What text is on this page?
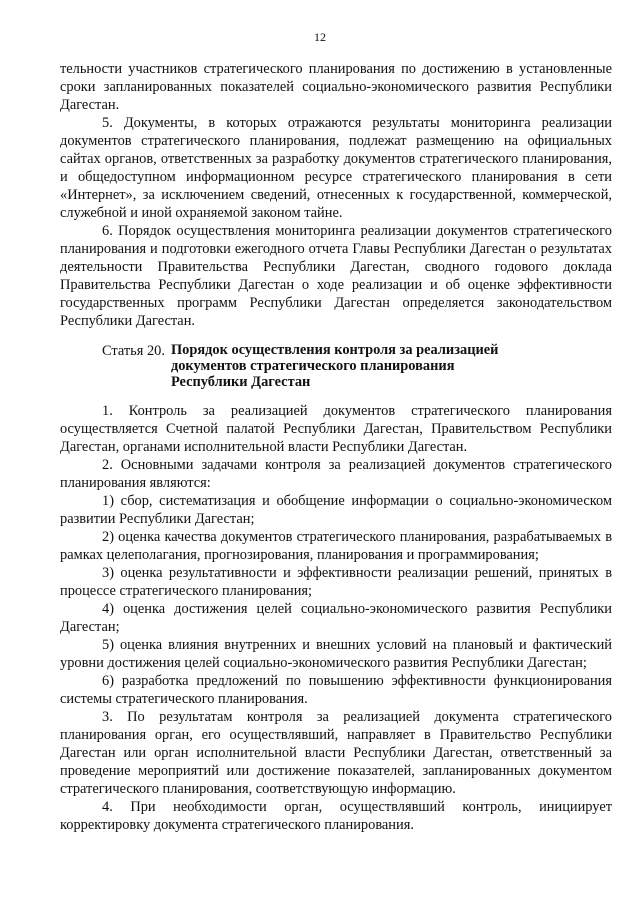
12

тельности участников стратегического планирования по достижению в установленные сроки запланированных показателей социально-экономического развития Республики Дагестан.

5. Документы, в которых отражаются результаты мониторинга реализации документов стратегического планирования, подлежат размещению на официальных сайтах органов, ответственных за разработку документов стратегического планирования, и общедоступном информационном ресурсе стратегического планирования в сети «Интернет», за исключением сведений, отнесенных к государственной, коммерческой, служебной и иной охраняемой законом тайне.

6. Порядок осуществления мониторинга реализации документов стратегического планирования и подготовки ежегодного отчета Главы Республики Дагестан о результатах деятельности Правительства Республики Дагестан, сводного годового доклада Правительства Республики Дагестан о ходе реализации и об оценке эффективности государственных программ Республики Дагестан определяется законодательством Республики Дагестан.

Статья 20. Порядок осуществления контроля за реализацией
документов стратегического планирования
Республики Дагестан

1. Контроль за реализацией документов стратегического планирования осуществляется Счетной палатой Республики Дагестан, Правительством Республики Дагестан, органами исполнительной власти Республики Дагестан.

2. Основными задачами контроля за реализацией документов стратегического планирования являются:

1) сбор, систематизация и обобщение информации о социально-экономическом развитии Республики Дагестан;

2) оценка качества документов стратегического планирования, разрабатываемых в рамках целеполагания, прогнозирования, планирования и программирования;

3) оценка результативности и эффективности реализации решений, принятых в процессе стратегического планирования;

4) оценка достижения целей социально-экономического развития Республики Дагестан;

5) оценка влияния внутренних и внешних условий на плановый и фактический уровни достижения целей социально-экономического развития Республики Дагестан;

6) разработка предложений по повышению эффективности функционирования системы стратегического планирования.

3. По результатам контроля за реализацией документа стратегического планирования орган, его осуществлявший, направляет в Правительство Республики Дагестан или орган исполнительной власти Республики Дагестан, ответственный за проведение мероприятий или достижение показателей, запланированных документом стратегического планирования, соответствующую информацию.

4. При необходимости орган, осуществлявший контроль, инициирует корректировку документа стратегического планирования.
